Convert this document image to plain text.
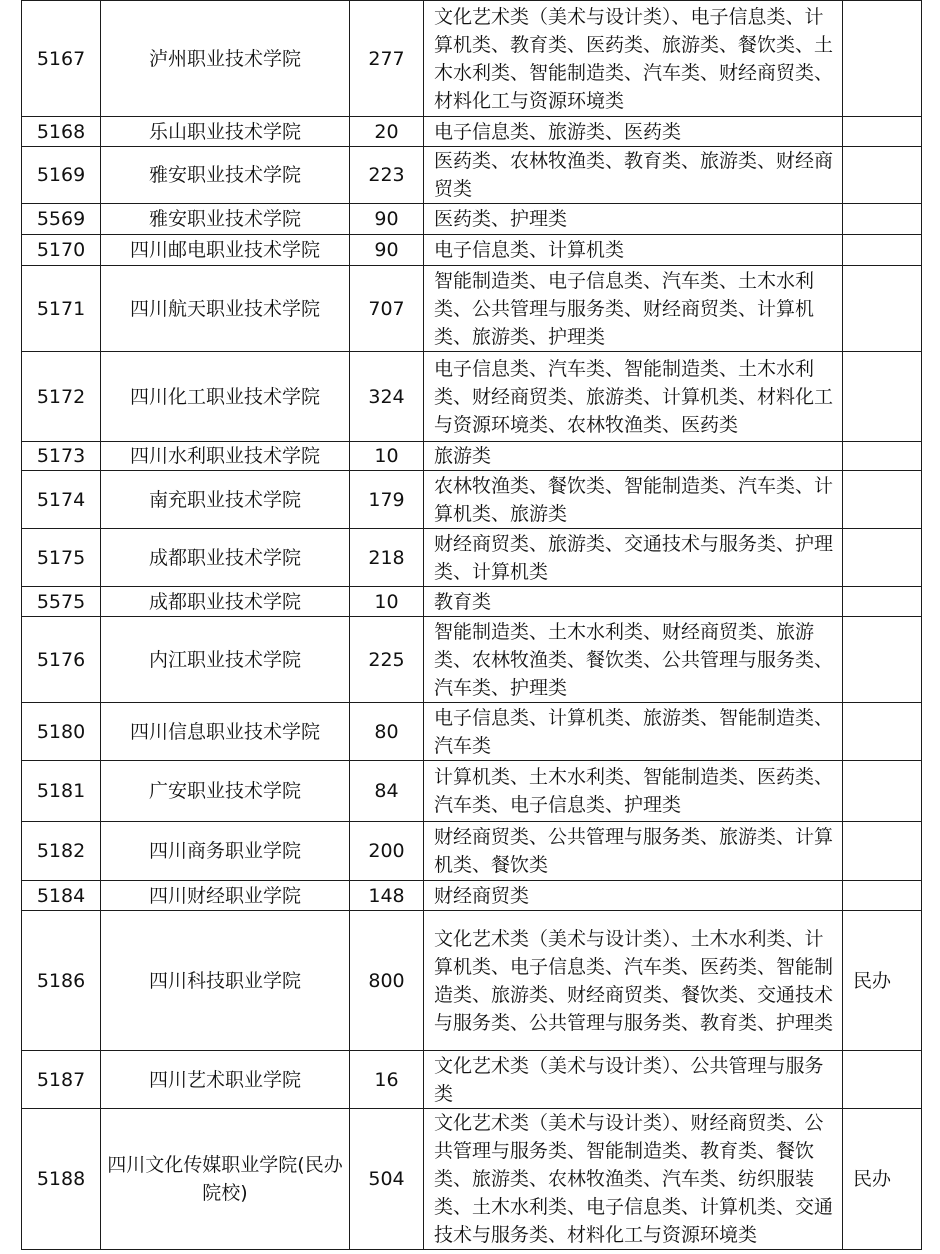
5167	泸州职业技术学院	277	文化艺术类（美术与设计类）、电子信息类、计算机类、教育类、医药类、旅游类、餐饮类、土木水利类、智能制造类、汽车类、财经商贸类、材料化工与资源环境类	
5168	乐山职业技术学院	20	电子信息类、旅游类、医药类	
5169	雅安职业技术学院	223	医药类、农林牧渔类、教育类、旅游类、财经商贸类	
5569	雅安职业技术学院	90	医药类、护理类	
5170	四川邮电职业技术学院	90	电子信息类、计算机类	
5171	四川航天职业技术学院	707	智能制造类、电子信息类、汽车类、土木水利类、公共管理与服务类、财经商贸类、计算机类、旅游类、护理类	
5172	四川化工职业技术学院	324	电子信息类、汽车类、智能制造类、土木水利类、财经商贸类、旅游类、计算机类、材料化工与资源环境类、农林牧渔类、医药类	
5173	四川水利职业技术学院	10	旅游类	
5174	南充职业技术学院	179	农林牧渔类、餐饮类、智能制造类、汽车类、计算机类、旅游类	
5175	成都职业技术学院	218	财经商贸类、旅游类、交通技术与服务类、护理类、计算机类	
5575	成都职业技术学院	10	教育类	
5176	内江职业技术学院	225	智能制造类、土木水利类、财经商贸类、旅游类、农林牧渔类、餐饮类、公共管理与服务类、汽车类、护理类	
5180	四川信息职业技术学院	80	电子信息类、计算机类、旅游类、智能制造类、汽车类	
5181	广安职业技术学院	84	计算机类、土木水利类、智能制造类、医药类、汽车类、电子信息类、护理类	
5182	四川商务职业学院	200	财经商贸类、公共管理与服务类、旅游类、计算机类、餐饮类	
5184	四川财经职业学院	148	财经商贸类	
5186	四川科技职业学院	800	文化艺术类（美术与设计类）、土木水利类、计算机类、电子信息类、汽车类、医药类、智能制造类、旅游类、财经商贸类、餐饮类、交通技术与服务类、公共管理与服务类、教育类、护理类	民办
5187	四川艺术职业学院	16	文化艺术类（美术与设计类）、公共管理与服务类	
5188	四川文化传媒职业学院(民办院校)	504	文化艺术类（美术与设计类）、财经商贸类、公共管理与服务类、智能制造类、教育类、餐饮类、旅游类、农林牧渔类、汽车类、纺织服装类、土木水利类、电子信息类、计算机类、交通技术与服务类、材料化工与资源环境类	民办
